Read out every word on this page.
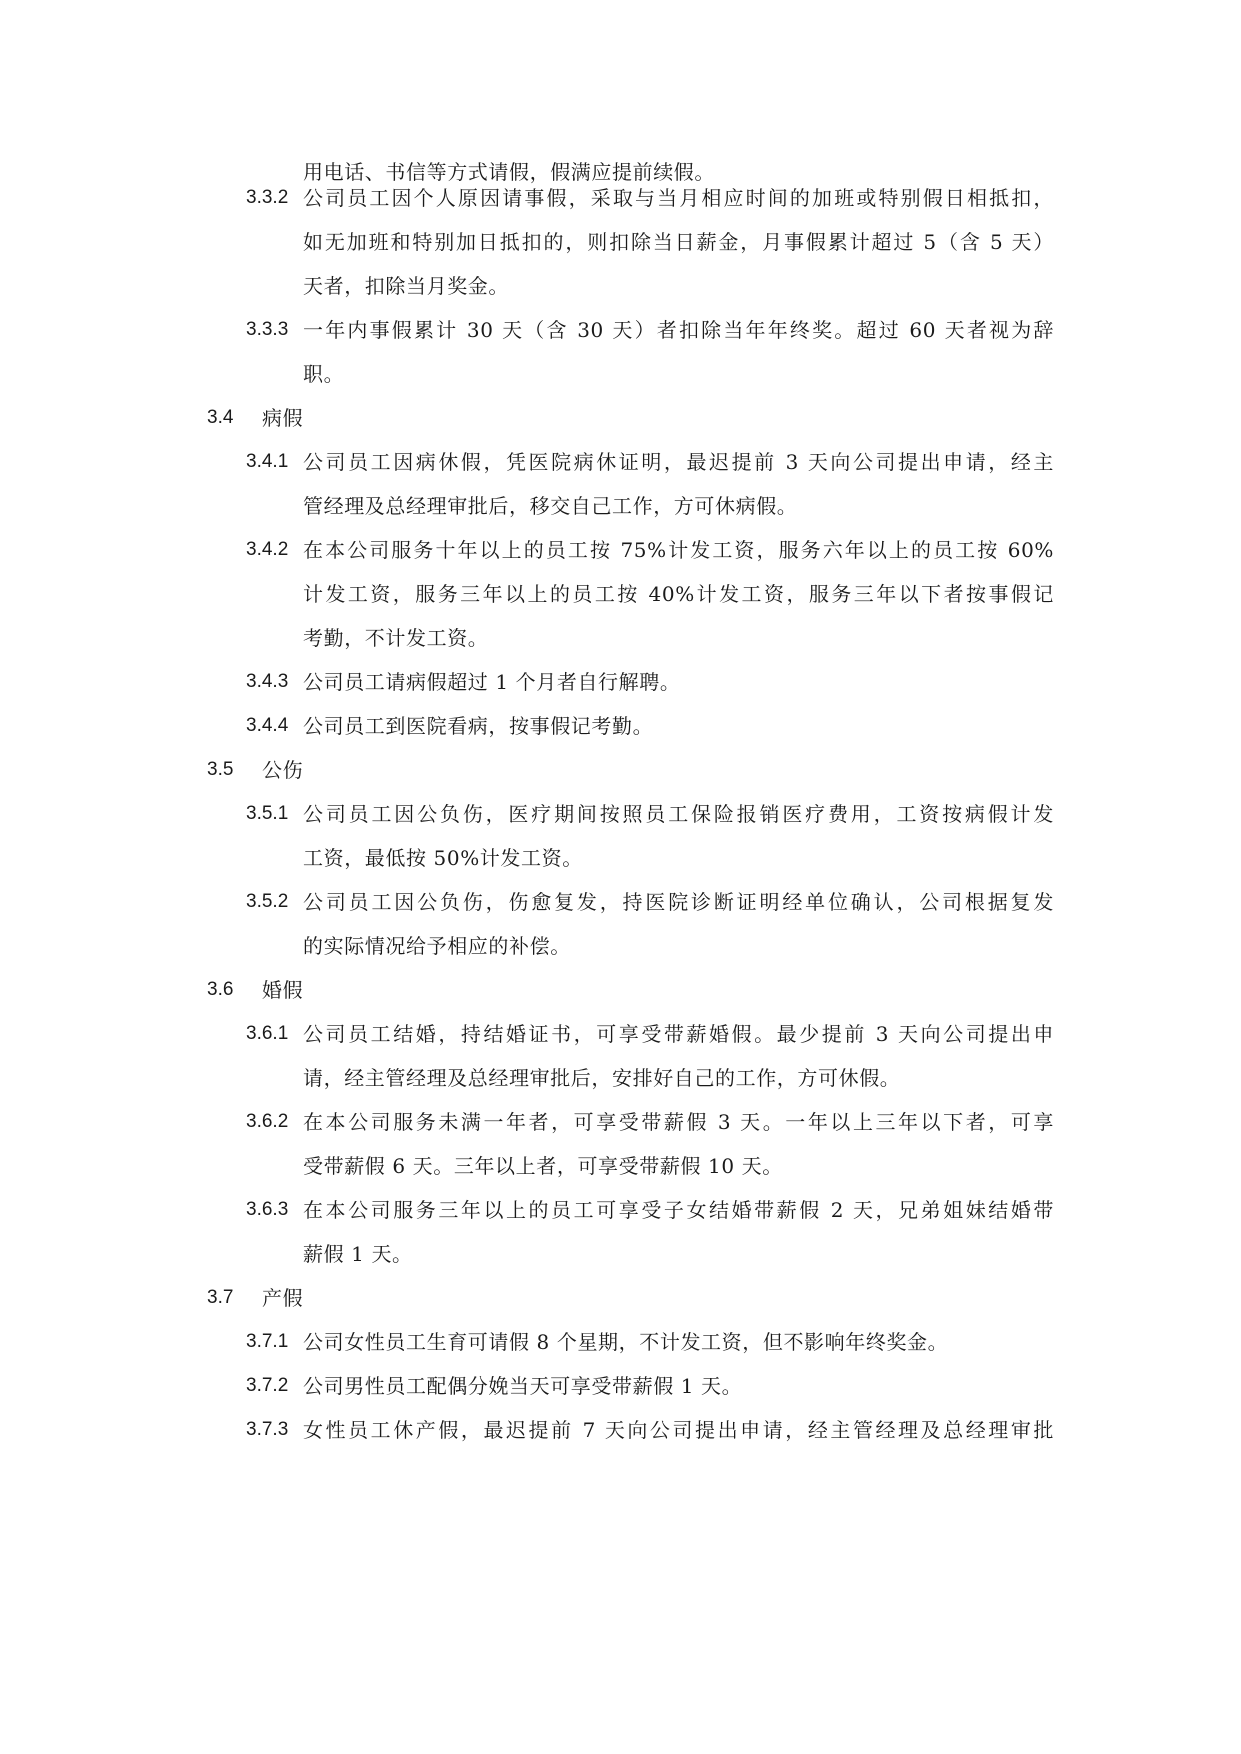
用电话、书信等方式请假，假满应提前续假。
3.3.2 公司员工因个人原因请事假，采取与当月相应时间的加班或特别假日相抵扣，
如无加班和特别加日抵扣的，则扣除当日薪金，月事假累计超过 5（含 5 天）
天者，扣除当月奖金。
3.3.3 一年内事假累计 30 天（含 30 天）者扣除当年年终奖。超过 60 天者视为辞
职。
3.4 病假
3.4.1 公司员工因病休假，凭医院病休证明，最迟提前 3 天向公司提出申请，经主
管经理及总经理审批后，移交自己工作，方可休病假。
3.4.2 在本公司服务十年以上的员工按 75%计发工资，服务六年以上的员工按 60%
计发工资，服务三年以上的员工按 40%计发工资，服务三年以下者按事假记
考勤，不计发工资。
3.4.3 公司员工请病假超过 1 个月者自行解聘。
3.4.4 公司员工到医院看病，按事假记考勤。
3.5 公伤
3.5.1 公司员工因公负伤，医疗期间按照员工保险报销医疗费用，工资按病假计发
工资，最低按 50%计发工资。
3.5.2 公司员工因公负伤，伤愈复发，持医院诊断证明经单位确认，公司根据复发
的实际情况给予相应的补偿。
3.6 婚假
3.6.1 公司员工结婚，持结婚证书，可享受带薪婚假。最少提前 3 天向公司提出申
请，经主管经理及总经理审批后，安排好自己的工作，方可休假。
3.6.2 在本公司服务未满一年者，可享受带薪假 3 天。一年以上三年以下者，可享
受带薪假 6 天。三年以上者，可享受带薪假 10 天。
3.6.3 在本公司服务三年以上的员工可享受子女结婚带薪假 2 天，兄弟姐妹结婚带
薪假 1 天。
3.7 产假
3.7.1 公司女性员工生育可请假 8 个星期，不计发工资，但不影响年终奖金。
3.7.2 公司男性员工配偶分娩当天可享受带薪假 1 天。
3.7.3 女性员工休产假，最迟提前 7 天向公司提出申请，经主管经理及总经理审批
